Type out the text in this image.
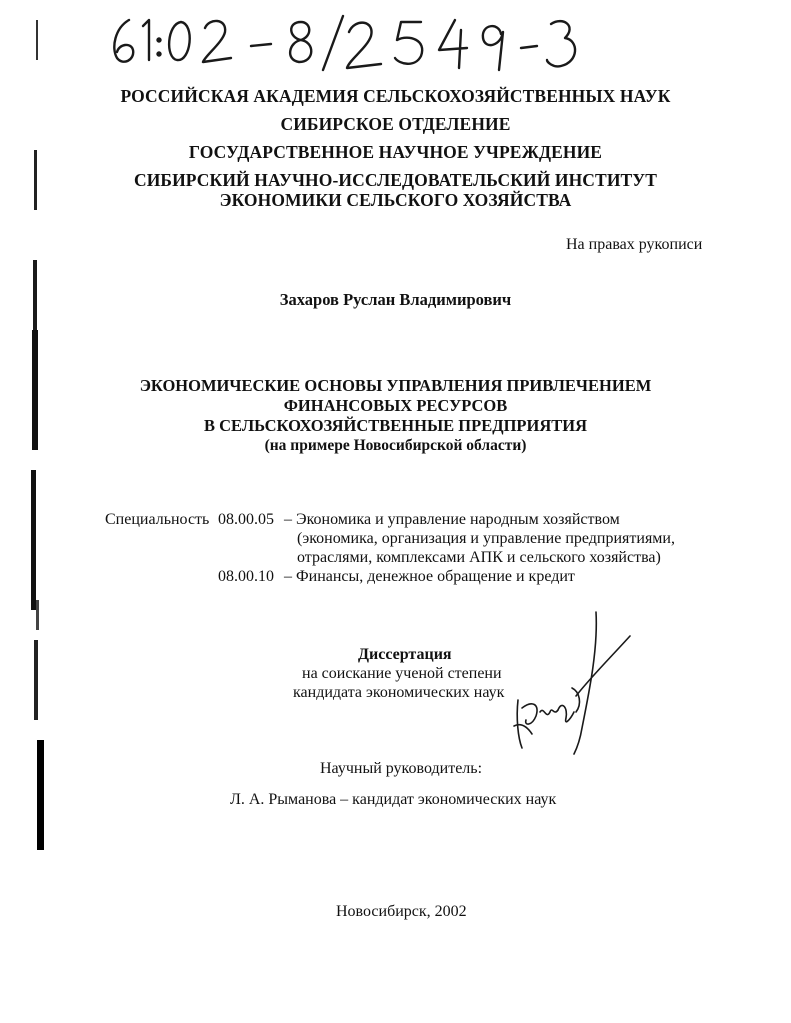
РОССИЙСКАЯ АКАДЕМИЯ СЕЛЬСКОХОЗЯЙСТВЕННЫХ НАУК
СИБИРСКОЕ ОТДЕЛЕНИЕ
ГОСУДАРСТВЕННОЕ НАУЧНОЕ УЧРЕЖДЕНИЕ
СИБИРСКИЙ НАУЧНО-ИССЛЕДОВАТЕЛЬСКИЙ ИНСТИТУТ
ЭКОНОМИКИ СЕЛЬСКОГО ХОЗЯЙСТВА
На правах рукописи
Захаров Руслан Владимирович
ЭКОНОМИЧЕСКИЕ ОСНОВЫ УПРАВЛЕНИЯ ПРИВЛЕЧЕНИЕМ
ФИНАНСОВЫХ РЕСУРСОВ
В СЕЛЬСКОХОЗЯЙСТВЕННЫЕ ПРЕДПРИЯТИЯ
(на примере Новосибирской области)
Специальность 08.00.05 – Экономика и управление народным хозяйством
(экономика, организация и управление предприятиями,
отраслями, комплексами АПК и сельского хозяйства)
08.00.10 – Финансы, денежное обращение и кредит
Диссертация
на соискание ученой степени
кандидата экономических наук
Научный руководитель:
Л. А. Рыманова – кандидат экономических наук
Новосибирск, 2002
